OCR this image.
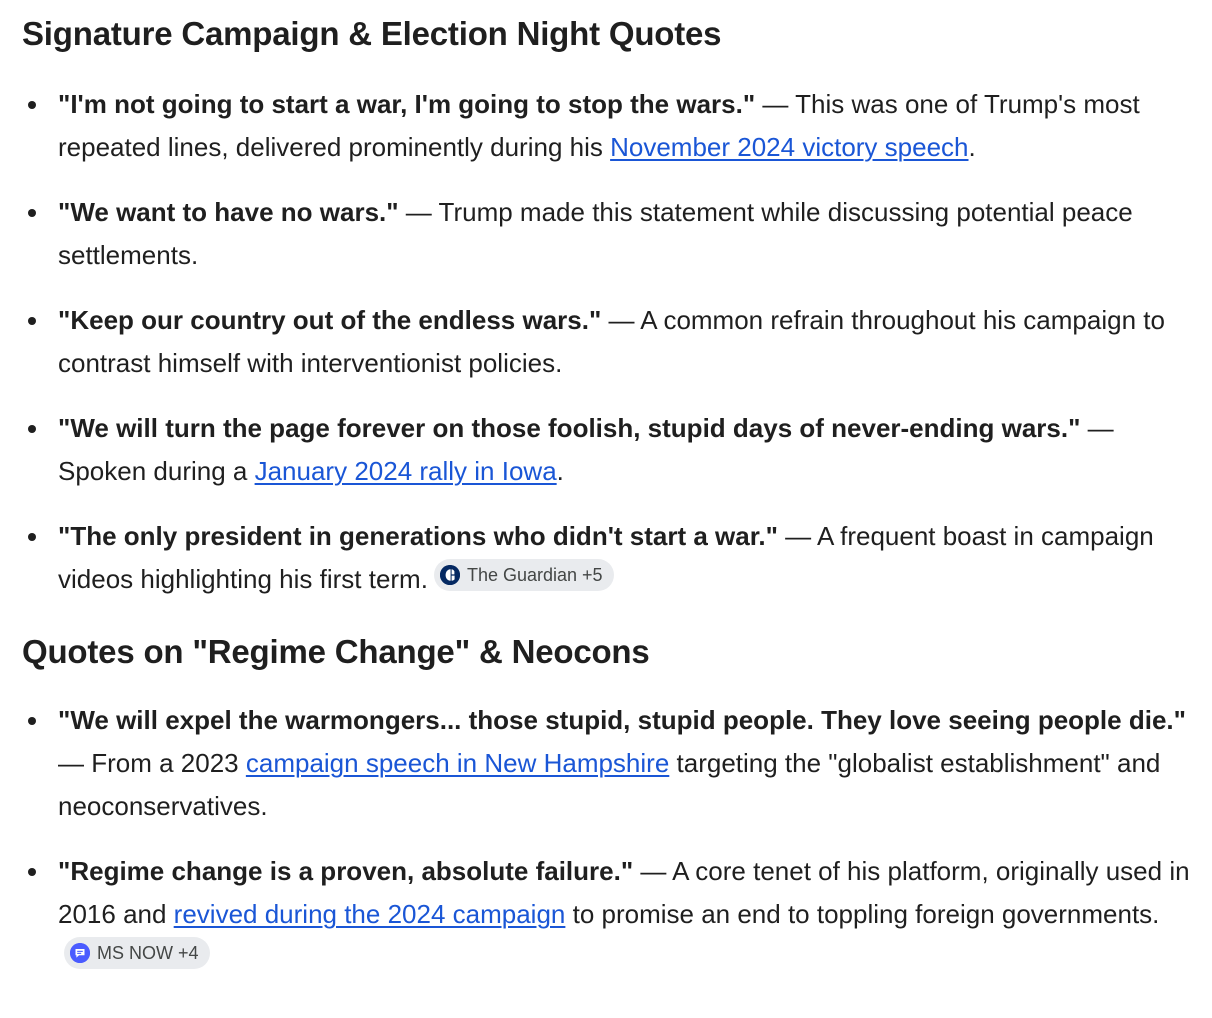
Signature Campaign & Election Night Quotes
"I'm not going to start a war, I'm going to stop the wars." — This was one of Trump's most repeated lines, delivered prominently during his November 2024 victory speech.
"We want to have no wars." — Trump made this statement while discussing potential peace settlements.
"Keep our country out of the endless wars." — A common refrain throughout his campaign to contrast himself with interventionist policies.
"We will turn the page forever on those foolish, stupid days of never-ending wars." — Spoken during a January 2024 rally in Iowa.
"The only president in generations who didn't start a war." — A frequent boast in campaign videos highlighting his first term. The Guardian +5
Quotes on "Regime Change" & Neocons
"We will expel the warmongers... those stupid, stupid people. They love seeing people die." — From a 2023 campaign speech in New Hampshire targeting the "globalist establishment" and neoconservatives.
"Regime change is a proven, absolute failure." — A core tenet of his platform, originally used in 2016 and revived during the 2024 campaign to promise an end to toppling foreign governments.
MS NOW +4
